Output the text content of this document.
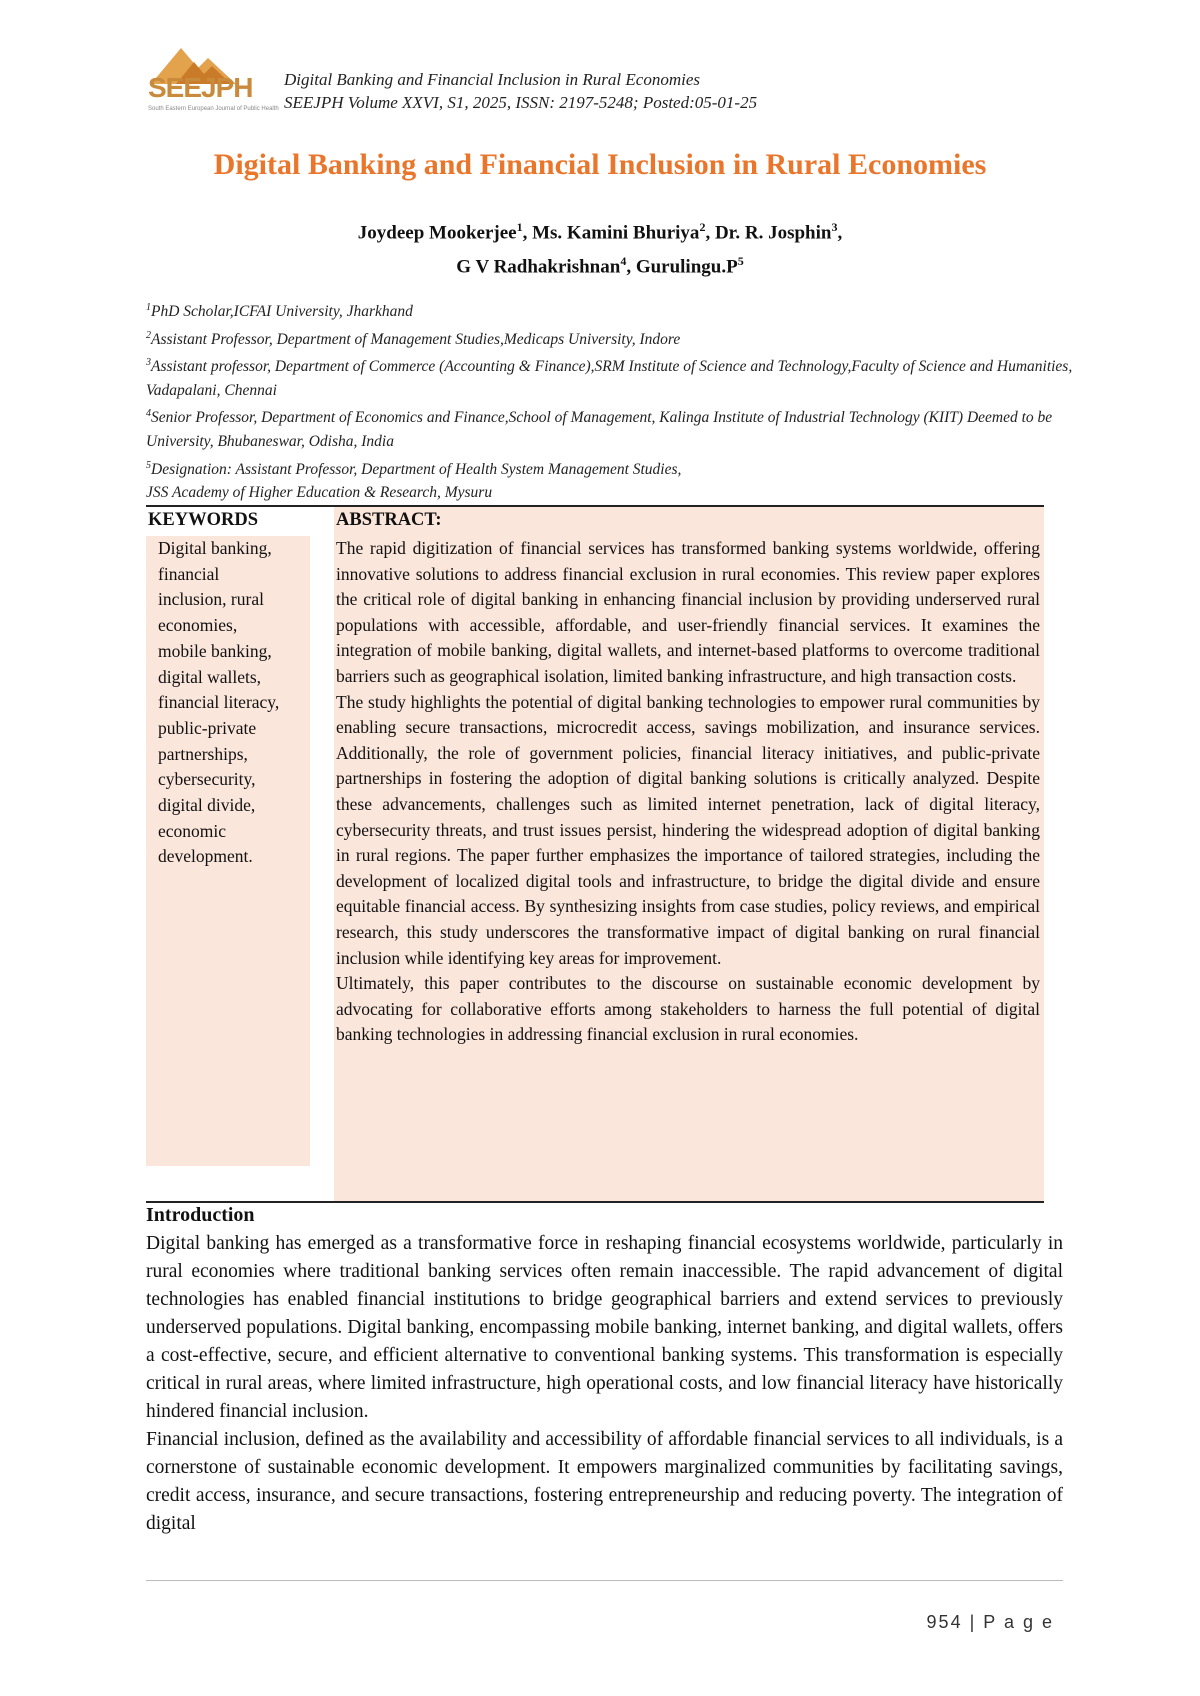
SEEJPH
South Eastern European Journal of Public Health
Digital Banking and Financial Inclusion in Rural Economies
SEEJPH Volume XXVI, S1, 2025, ISSN: 2197-5248; Posted:05-01-25
Digital Banking and Financial Inclusion in Rural Economies
Joydeep Mookerjee$^1$, Ms. Kamini Bhuriya$^2$, Dr. R. Josphin$^3$,
G V Radhakrishnan$^4$, $Gurulingu.P^5$
$^1$PhD Scholar,ICFAI University, Jharkhand
$^2$Assistant Professor, Department of Management Studies,Medicaps University, Indore
$^3$Assistant professor, Department of Commerce (Accounting & Finance),SRM Institute of Science and Technology,Faculty of Science and Humanities, Vadapalani, Chennai
$^4$Senior Professor, Department of Economics and Finance,School of Management, Kalinga Institute of Industrial Technology (KIIT) Deemed to be University, Bhubaneswar, Odisha, India
$^5$Designation: Assistant Professor, Department of Health System Management Studies,
JSS Academy of Higher Education & Research, Mysuru
KEYWORDS
Digital banking,
financial
inclusion, rural
economies,
mobile banking,
digital wallets,
financial literacy,
public-private
partnerships,
cybersecurity,
digital divide,
economic
development.
ABSTRACT:

The rapid digitization of financial services has transformed banking systems worldwide, offering innovative solutions to address financial exclusion in rural economies. This review paper explores the critical role of digital banking in enhancing financial inclusion by providing underserved rural populations with accessible, affordable, and user-friendly financial services. It examines the integration of mobile banking, digital wallets, and internet-based platforms to overcome traditional barriers such as geographical isolation, limited banking infrastructure, and high transaction costs.

The study highlights the potential of digital banking technologies to empower rural communities by enabling secure transactions, microcredit access, savings mobilization, and insurance services. Additionally, the role of government policies, financial literacy initiatives, and public-private partnerships in fostering the adoption of digital banking solutions is critically analyzed. Despite these advancements, challenges such as limited internet penetration, lack of digital literacy, cybersecurity threats, and trust issues persist, hindering the widespread adoption of digital banking in rural regions. The paper further emphasizes the importance of tailored strategies, including the development of localized digital tools and infrastructure, to bridge the digital divide and ensure equitable financial access. By synthesizing insights from case studies, policy reviews, and empirical research, this study underscores the transformative impact of digital banking on rural financial inclusion while identifying key areas for improvement.

Ultimately, this paper contributes to the discourse on sustainable economic development by advocating for collaborative efforts among stakeholders to harness the full potential of digital banking technologies in addressing financial exclusion in rural economies.

Introduction

Digital banking has emerged as a transformative force in reshaping financial ecosystems worldwide, particularly in rural economies where traditional banking services often remain inaccessible. The rapid advancement of digital technologies has enabled financial institutions to bridge geographical barriers and extend services to previously underserved populations. Digital banking, encompassing mobile banking, internet banking, and digital wallets, offers a cost-effective, secure, and efficient alternative to conventional banking systems. This transformation is especially critical in rural areas, where limited infrastructure, high operational costs, and low financial literacy have historically hindered financial inclusion.

Financial inclusion, defined as the availability and accessibility of affordable financial services to all individuals, is a cornerstone of sustainable economic development. It empowers marginalized communities by facilitating savings, credit access, insurance, and secure transactions, fostering entrepreneurship and reducing poverty. The integration of digital

954 | P a g e
